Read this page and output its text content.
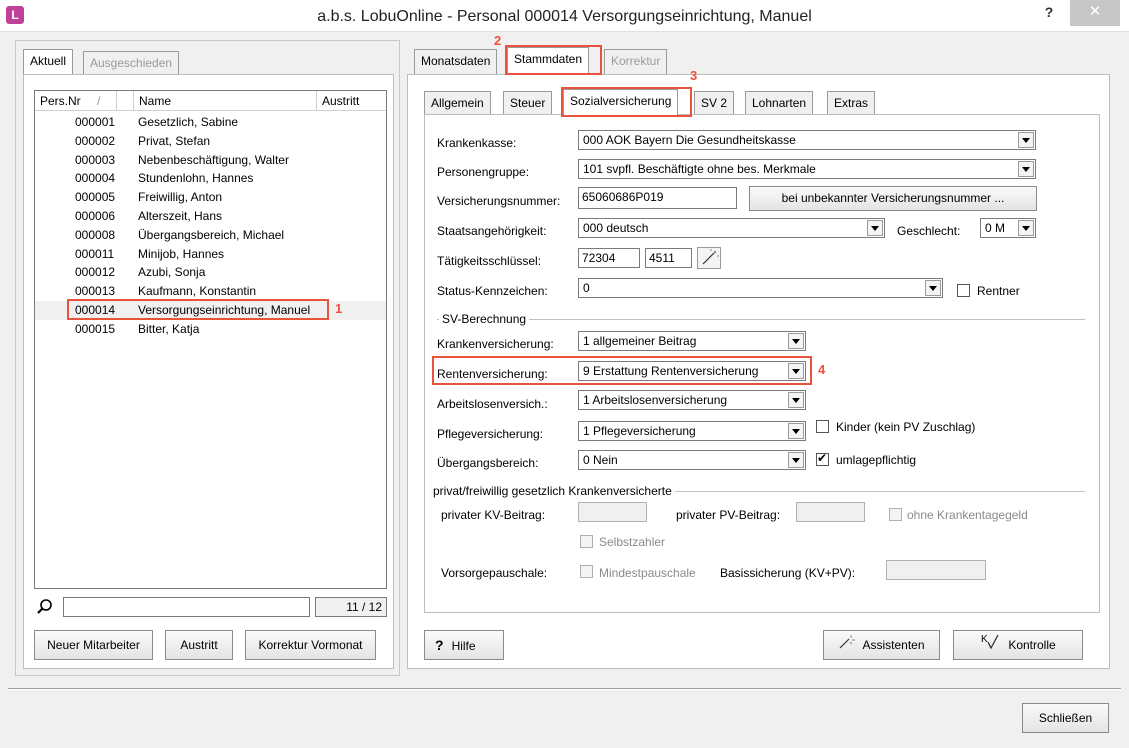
L	a.b.s. LobuOnline - Personal 000014 Versorgungseinrichtung, Manuel	?	✕
Aktuell	Ausgeschieden
Pers.Nr /	Name	Austritt
000001 Gesetzlich, Sabine
000002 Privat, Stefan
000003 Nebenbeschäftigung, Walter
000004 Stundenlohn, Hannes
000005 Freiwillig, Anton
000006 Alterszeit, Hans
000008 Übergangsbereich, Michael
000011 Minijob, Hannes
000012 Azubi, Sonja
000013 Kaufmann, Konstantin
000014 Versorgungseinrichtung, Manuel
000015 Bitter, Katja
1
11 / 12
Neuer Mitarbeiter	Austritt	Korrektur Vormonat
Monatsdaten	Stammdaten	Korrektur
2
Allgemein	Steuer	Sozialversicherung	SV 2	Lohnarten	Extras
3
Krankenkasse:	000 AOK Bayern Die Gesundheitskasse
Personengruppe:	101 svpfl. Beschäftigte ohne bes. Merkmale
Versicherungsnummer:	65060686P019	bei unbekannter Versicherungsnummer ...
Staatsangehörigkeit:	000 deutsch	Geschlecht:	0 M
Tätigkeitsschlüssel:	72304	4511
Status-Kennzeichen:	0	Rentner
SV-Berechnung
Krankenversicherung:	1 allgemeiner Beitrag
Rentenversicherung:	9 Erstattung Rentenversicherung	4
Arbeitslosenversich.:	1 Arbeitslosenversicherung
Pflegeversicherung:	1 Pflegeversicherung	Kinder (kein PV Zuschlag)
Übergangsbereich:	0 Nein
✔	umlagepflichtig
privat/freiwillig gesetzlich Krankenversicherte
privater KV-Beitrag:	privater PV-Beitrag:	ohne Krankentagegeld
Selbstzahler
Vorsorgepauschale:	Mindestpauschale Basissicherung (KV+PV):
? Hilfe	Assistenten	K Kontrolle
Schließen
